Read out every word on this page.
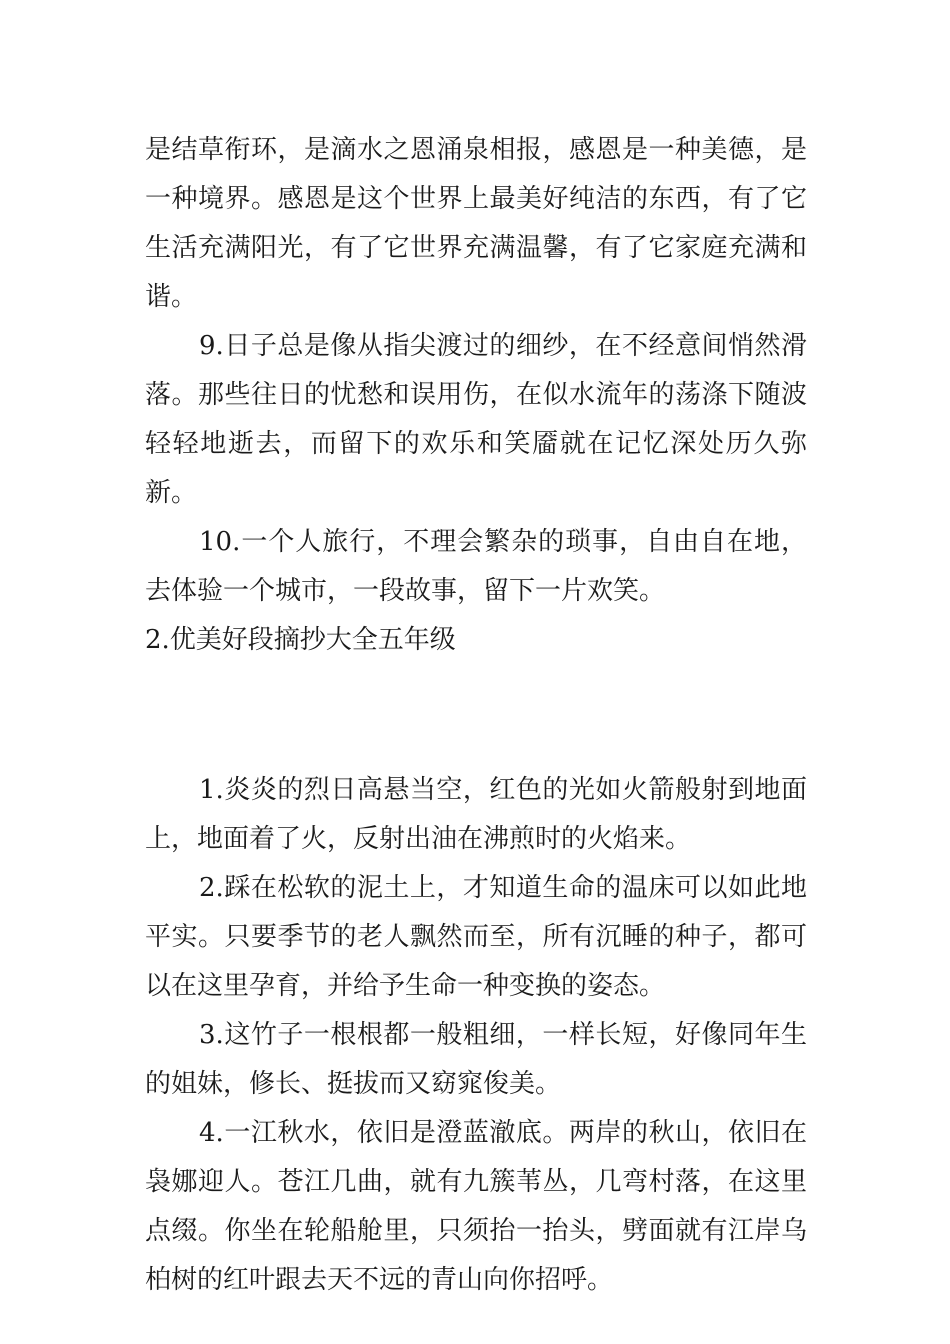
是结草衔环，是滴水之恩涌泉相报，感恩是一种美德，是一种境界。感恩是这个世界上最美好纯洁的东西，有了它生活充满阳光，有了它世界充满温馨，有了它家庭充满和谐。

9.日子总是像从指尖渡过的细纱，在不经意间悄然滑落。那些往日的忧愁和误用伤，在似水流年的荡涤下随波轻轻地逝去，而留下的欢乐和笑靥就在记忆深处历久弥新。

10.一个人旅行，不理会繁杂的琐事，自由自在地，去体验一个城市，一段故事，留下一片欢笑。

2.优美好段摘抄大全五年级

1.炎炎的烈日高悬当空，红色的光如火箭般射到地面上，地面着了火，反射出油在沸煎时的火焰来。

2.踩在松软的泥土上，才知道生命的温床可以如此地平实。只要季节的老人飘然而至，所有沉睡的种子，都可以在这里孕育，并给予生命一种变换的姿态。

3.这竹子一根根都一般粗细，一样长短，好像同年生的姐妹，修长、挺拔而又窈窕俊美。

4.一江秋水，依旧是澄蓝澈底。两岸的秋山，依旧在袅娜迎人。苍江几曲，就有九簇苇丛，几弯村落，在这里点缀。你坐在轮船舱里，只须抬一抬头，劈面就有江岸乌柏树的红叶跟去天不远的青山向你招呼。
